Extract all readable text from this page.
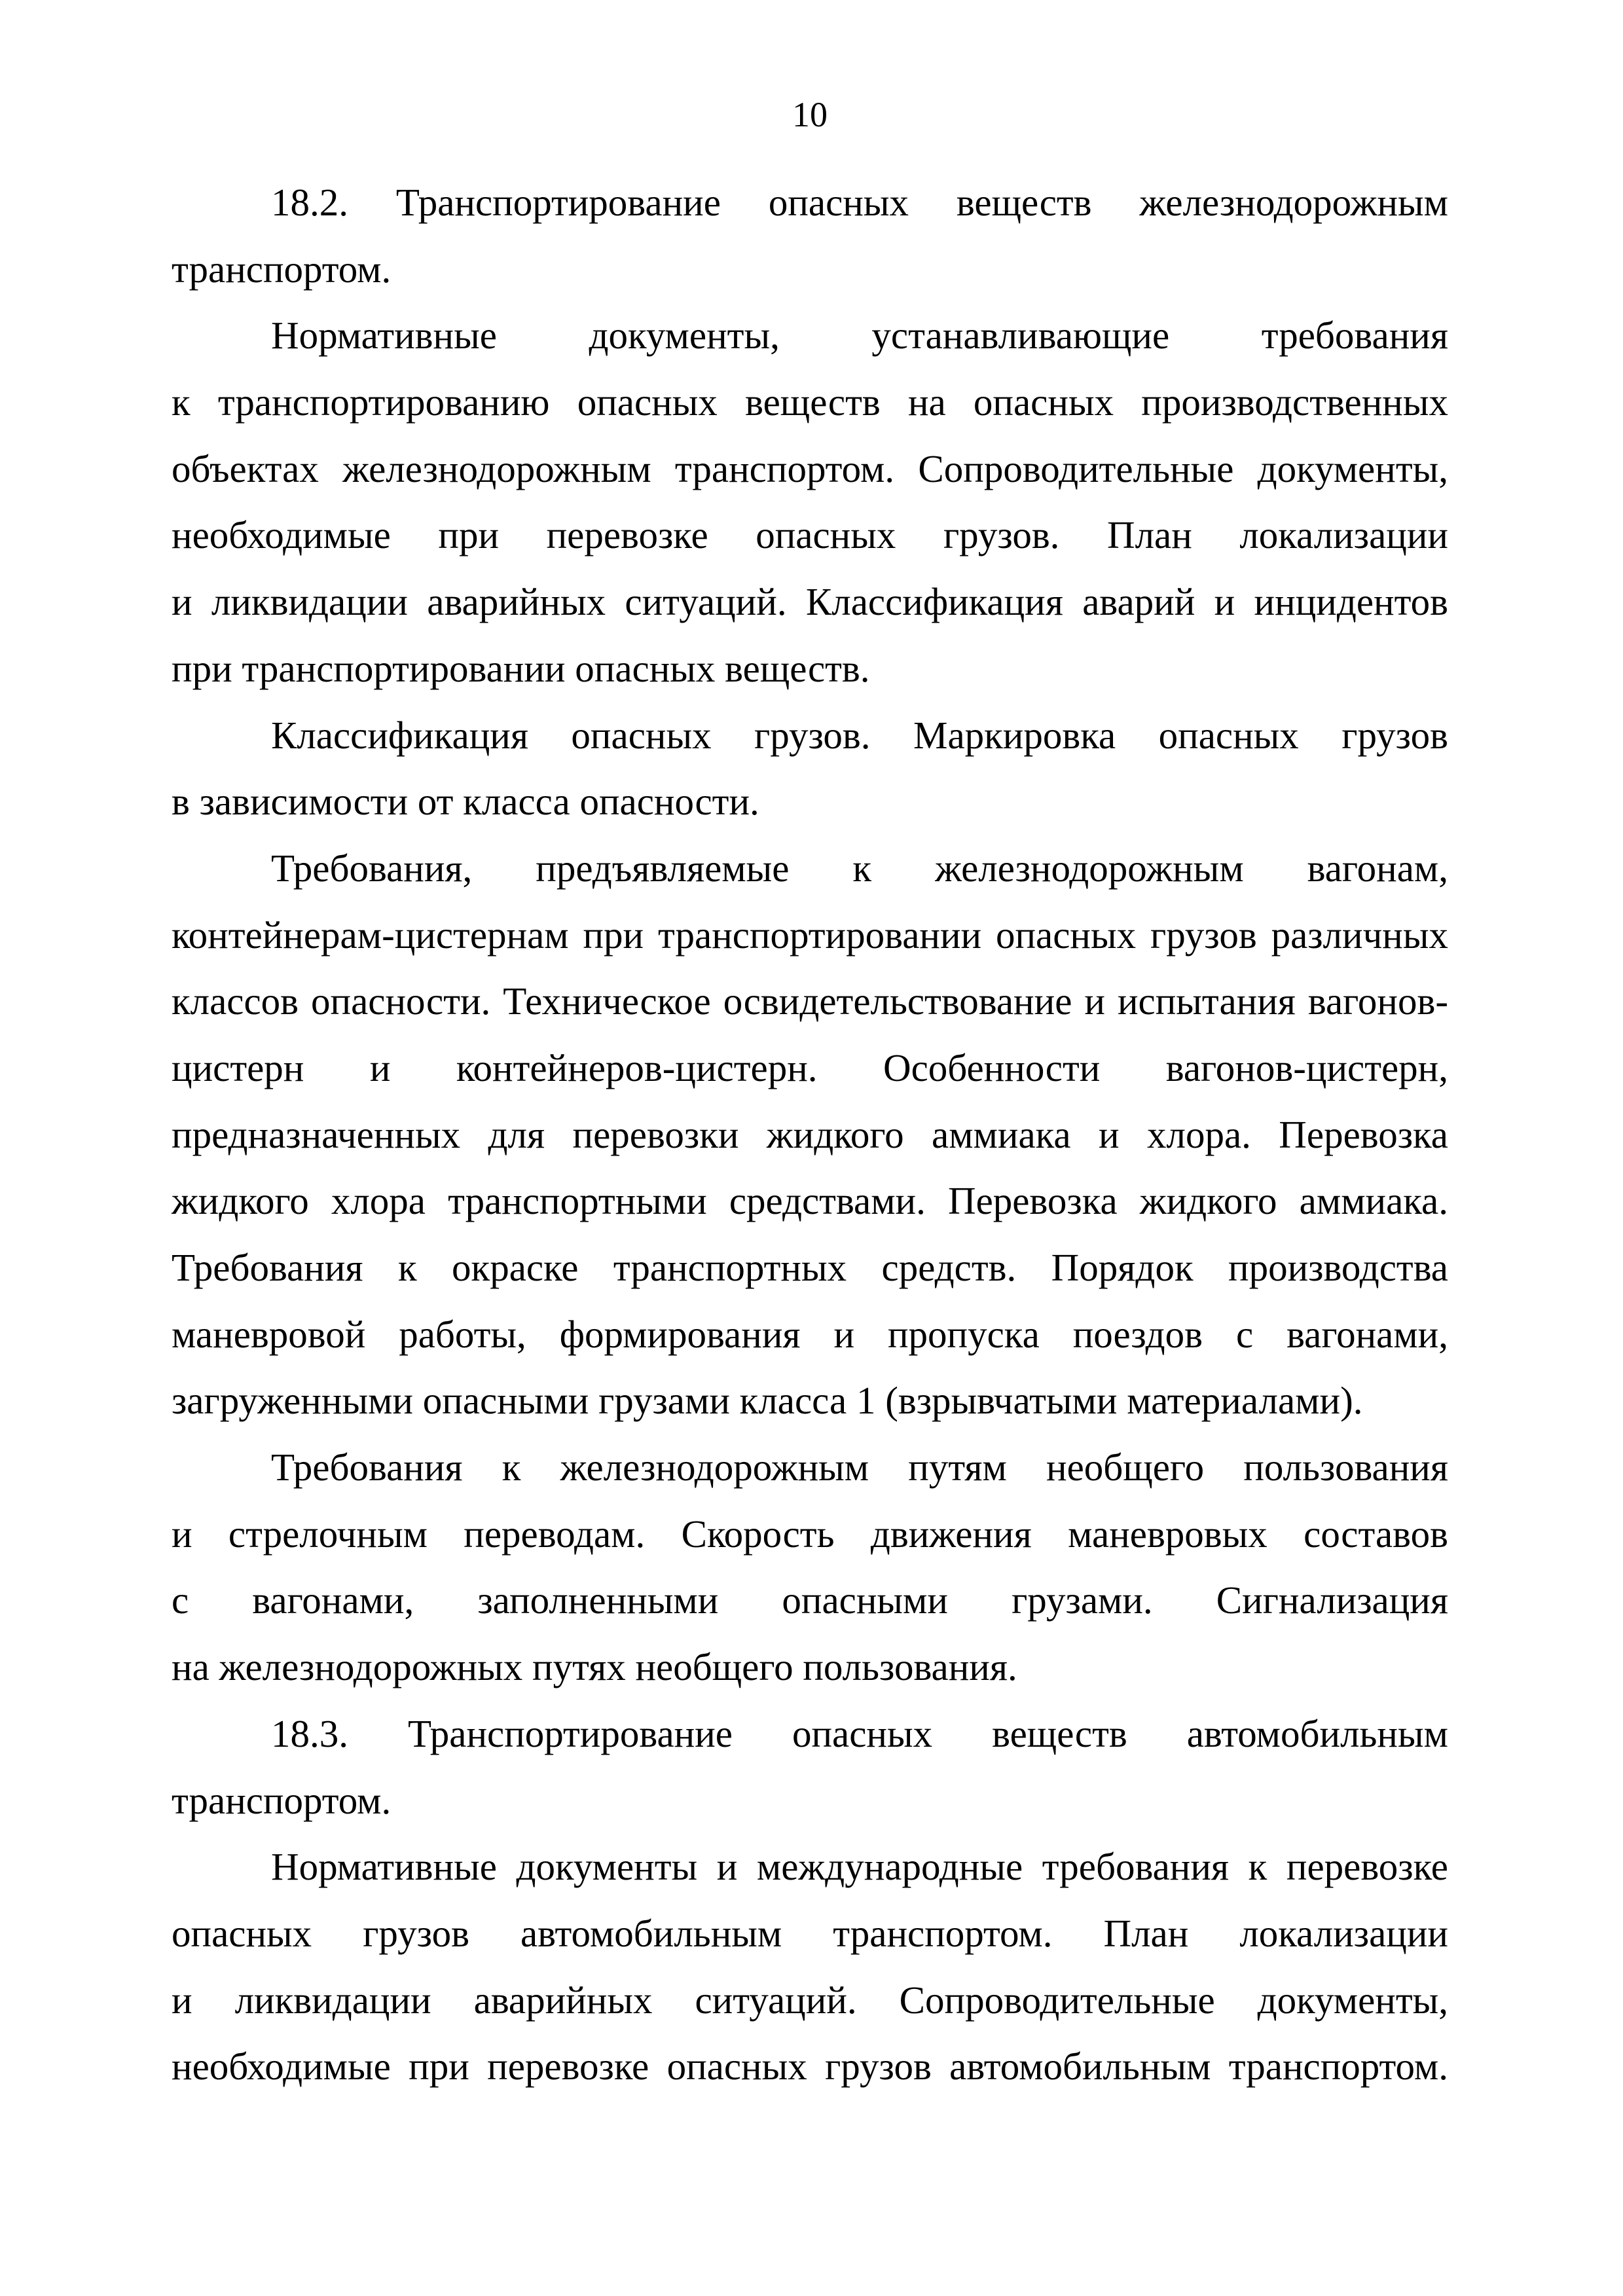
10
18.2. Транспортирование опасных веществ железнодорожным
транспортом.
Нормативные документы, устанавливающие требования
к транспортированию опасных веществ на опасных производственных
объектах железнодорожным транспортом. Сопроводительные документы,
необходимые при перевозке опасных грузов. План локализации
и ликвидации аварийных ситуаций. Классификация аварий и инцидентов
при транспортировании опасных веществ.
Классификация опасных грузов. Маркировка опасных грузов
в зависимости от класса опасности.
Требования, предъявляемые к железнодорожным вагонам,
контейнерам-цистернам при транспортировании опасных грузов различных
классов опасности. Техническое освидетельствование и испытания вагонов-
цистерн и контейнеров-цистерн. Особенности вагонов-цистерн,
предназначенных для перевозки жидкого аммиака и хлора. Перевозка
жидкого хлора транспортными средствами. Перевозка жидкого аммиака.
Требования к окраске транспортных средств. Порядок производства
маневровой работы, формирования и пропуска поездов с вагонами,
загруженными опасными грузами класса 1 (взрывчатыми материалами).
Требования к железнодорожным путям необщего пользования
и стрелочным переводам. Скорость движения маневровых составов
с вагонами, заполненными опасными грузами. Сигнализация
на железнодорожных путях необщего пользования.
18.3. Транспортирование опасных веществ автомобильным
транспортом.
Нормативные документы и международные требования к перевозке
опасных грузов автомобильным транспортом. План локализации
и ликвидации аварийных ситуаций. Сопроводительные документы,
необходимые при перевозке опасных грузов автомобильным транспортом.
